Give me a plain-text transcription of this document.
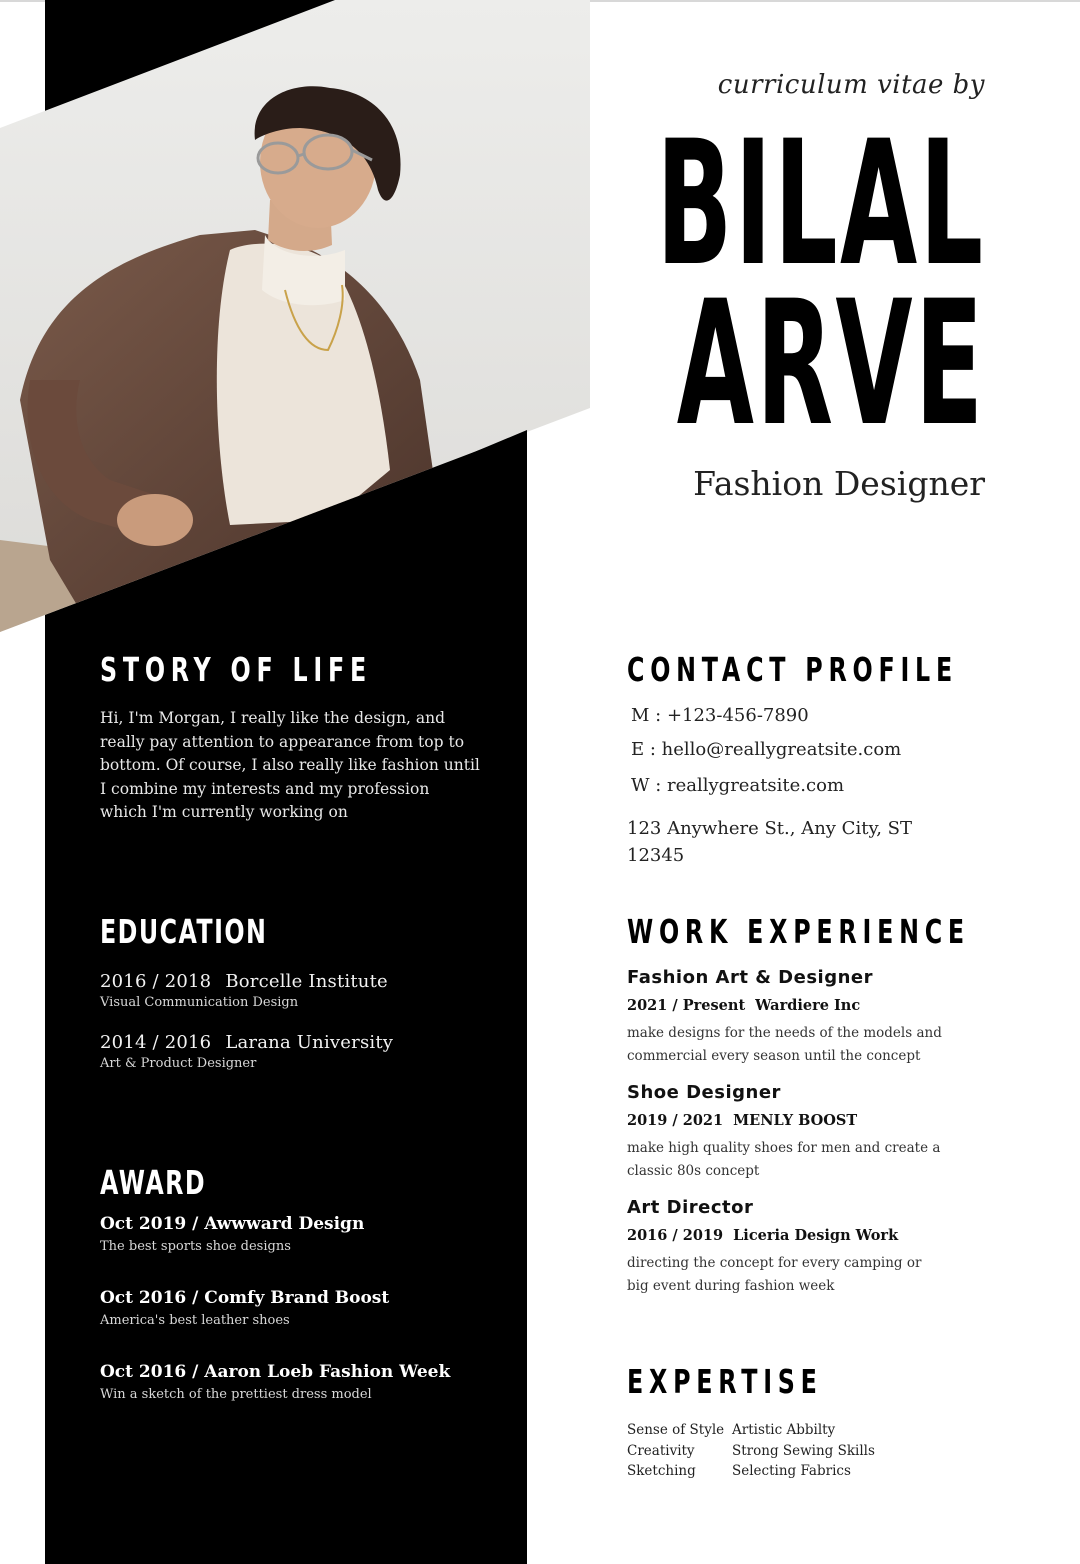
curriculum vitae by
BILAL
ARVE
Fashion Designer
STORY OF LIFE

Hi, I'm Morgan, I really like the design, and really pay attention to appearance from top to bottom. Of course, I also really like fashion until I combine my interests and my profession which I'm currently working on

EDUCATION
2016 / 2018 Borcelle Institute
Visual Communication Design
2014 / 2016 Larana University
Art & Product Designer
AWARD
Oct 2019 / Awwward Design
The best sports shoe designs
Oct 2016 / Comfy Brand Boost
America's best leather shoes
Oct 2016 / Aaron Loeb Fashion Week
Win a sketch of the prettiest dress model
CONTACT PROFILE
M : +123-456-7890
E : hello@reallygreatsite.com
W : reallygreatsite.com
123 Anywhere St., Any City, ST
12345
WORK EXPERIENCE
Fashion Art & Designer
2021 / Present Wardiere Inc
make designs for the needs of the models and commercial every season until the concept
Shoe Designer
2019 / 2021 MENLY BOOST
make high quality shoes for men and create a classic 80s concept
Art Director
2016 / 2019 Liceria Design Work
directing the concept for every camping or big event during fashion week
EXPERTISE
Sense of Style Artistic Abbilty
Creativity	Strong Sewing Skills
Sketching	Selecting Fabrics
